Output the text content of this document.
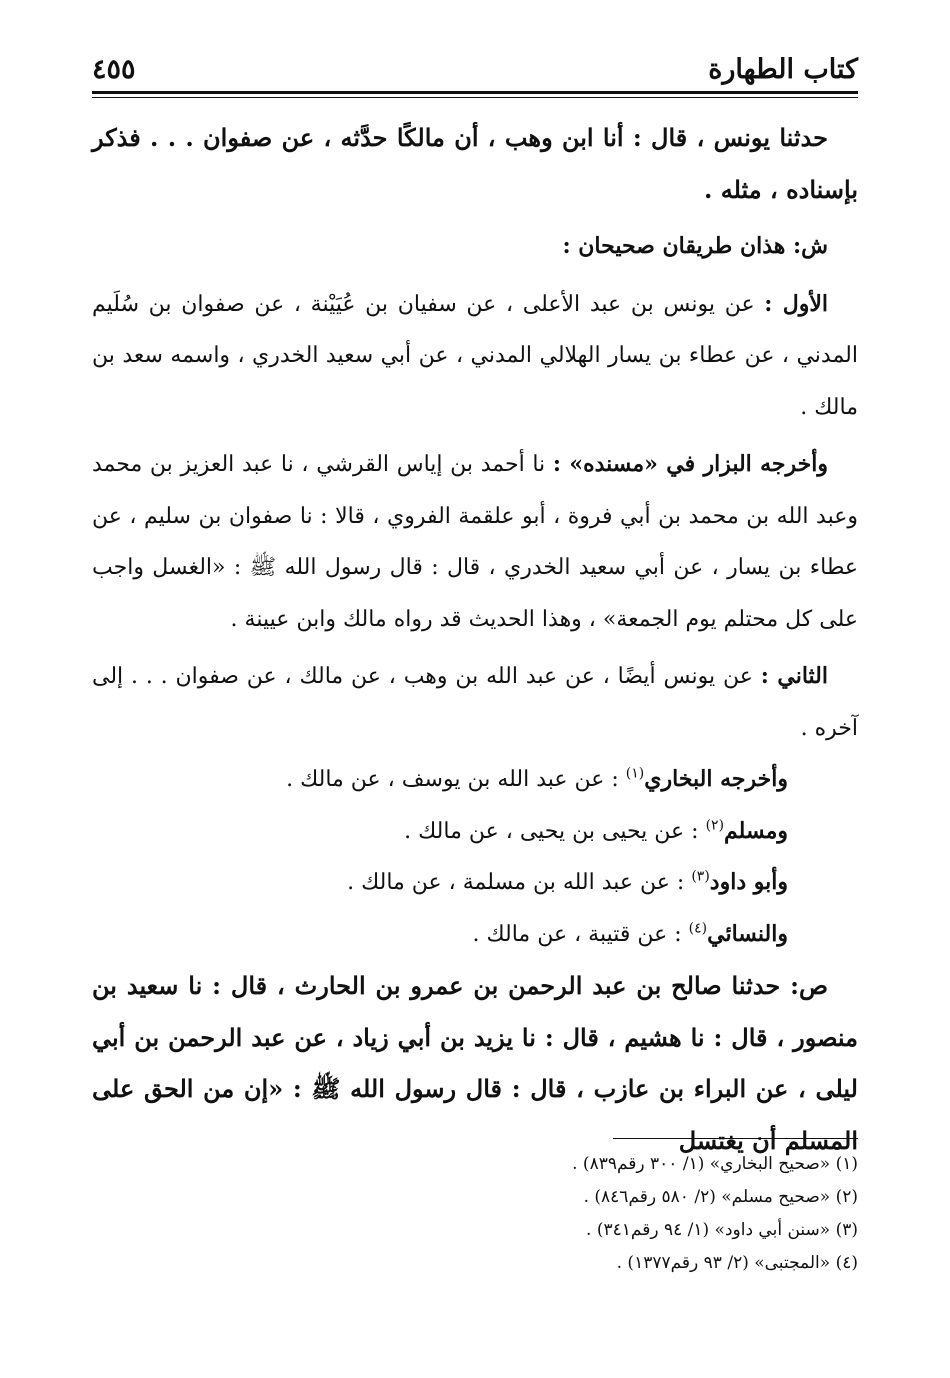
كتاب الطهارة
٤٥٥

حدثنا يونس ، قال : أنا ابن وهب ، أن مالكًا حدَّثه ، عن صفوان . . . فذكر بإسناده ، مثله .

ش: هذان طريقان صحيحان :

الأول : عن يونس بن عبد الأعلى ، عن سفيان بن عُيَيْنة ، عن صفوان بن سُلَيم المدني ، عن عطاء بن يسار الهلالي المدني ، عن أبي سعيد الخدري ، واسمه سعد بن مالك .

وأخرجه البزار في «مسنده» : نا أحمد بن إياس القرشي ، نا عبد العزيز بن محمد وعبد الله بن محمد بن أبي فروة ، أبو علقمة الفروي ، قالا : نا صفوان بن سليم ، عن عطاء بن يسار ، عن أبي سعيد الخدري ، قال : قال رسول الله ﷺ : «الغسل واجب على كل محتلم يوم الجمعة» ، وهذا الحديث قد رواه مالك وابن عيينة .

الثاني : عن يونس أيضًا ، عن عبد الله بن وهب ، عن مالك ، عن صفوان . . . إلى آخره .

وأخرجه البخاري$^{(١)}$ : عن عبد الله بن يوسف ، عن مالك .

ومسلم$^{(٢)}$ : عن يحيى بن يحيى ، عن مالك .

وأبو داود$^{(٣)}$ : عن عبد الله بن مسلمة ، عن مالك .

والنسائي$^{(٤)}$ : عن قتيبة ، عن مالك .

ص: حدثنا صالح بن عبد الرحمن بن عمرو بن الحارث ، قال : نا سعيد بن منصور ، قال : نا هشيم ، قال : نا يزيد بن أبي زياد ، عن عبد الرحمن بن أبي ليلى ، عن البراء بن عازب ، قال : قال رسول الله ﷺ : «إن من الحق على المسلم أن يغتسل

(١) «صحيح البخاري» (١/ ٣٠٠ رقم٨٣٩) .

(٢) «صحيح مسلم» (٢/ ٥٨٠ رقم٨٤٦) .

(٣) «سنن أبي داود» (١/ ٩٤ رقم٣٤١) .

(٤) «المجتبى» (٢/ ٩٣ رقم١٣٧٧) .
